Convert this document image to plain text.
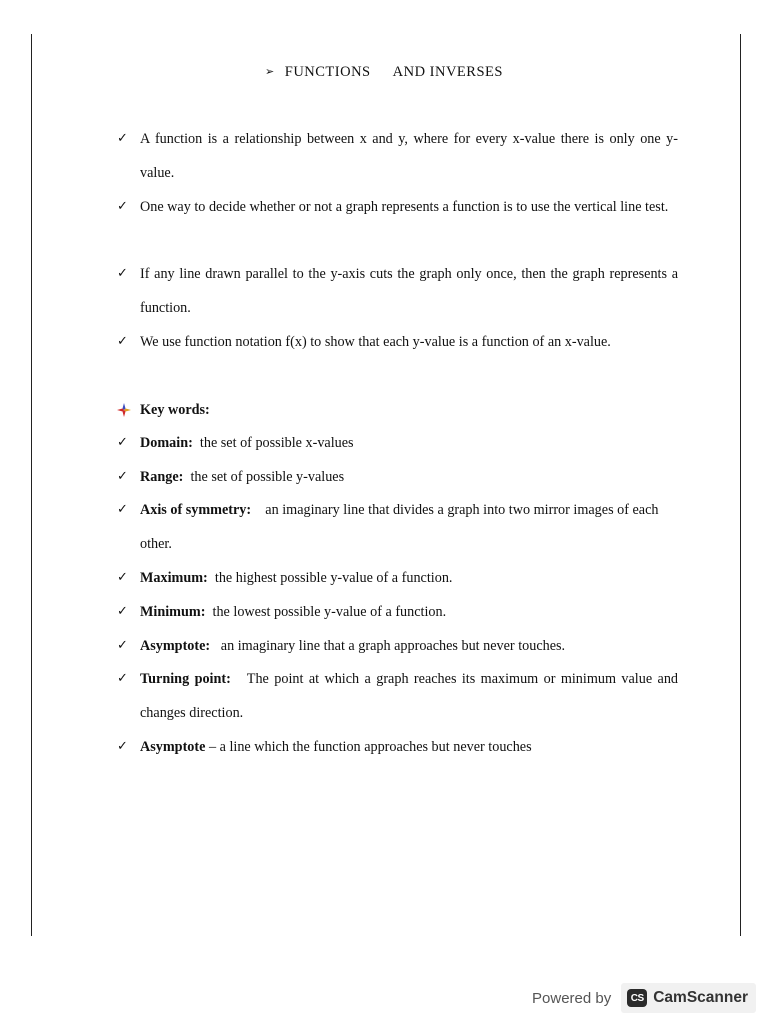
➢ FUNCTIONS AND INVERSES
✓ A function is a relationship between x and y, where for every x-value there is only one y-value.
✓ One way to decide whether or not a graph represents a function is to use the vertical line test.
✓ If any line drawn parallel to the y-axis cuts the graph only once, then the graph represents a function.
✓ We use function notation f(x) to show that each y-value is a function of an x-value.
Key words:
✓ Domain: the set of possible x-values
✓ Range: the set of possible y-values
✓ Axis of symmetry: an imaginary line that divides a graph into two mirror images of each other.
✓ Maximum: the highest possible y-value of a function.
✓ Minimum: the lowest possible y-value of a function.
✓ Asymptote: an imaginary line that a graph approaches but never touches.
✓ Turning point: The point at which a graph reaches its maximum or minimum value and changes direction.
✓ Asymptote – a line which the function approaches but never touches
Powered by	CS CamScanner
